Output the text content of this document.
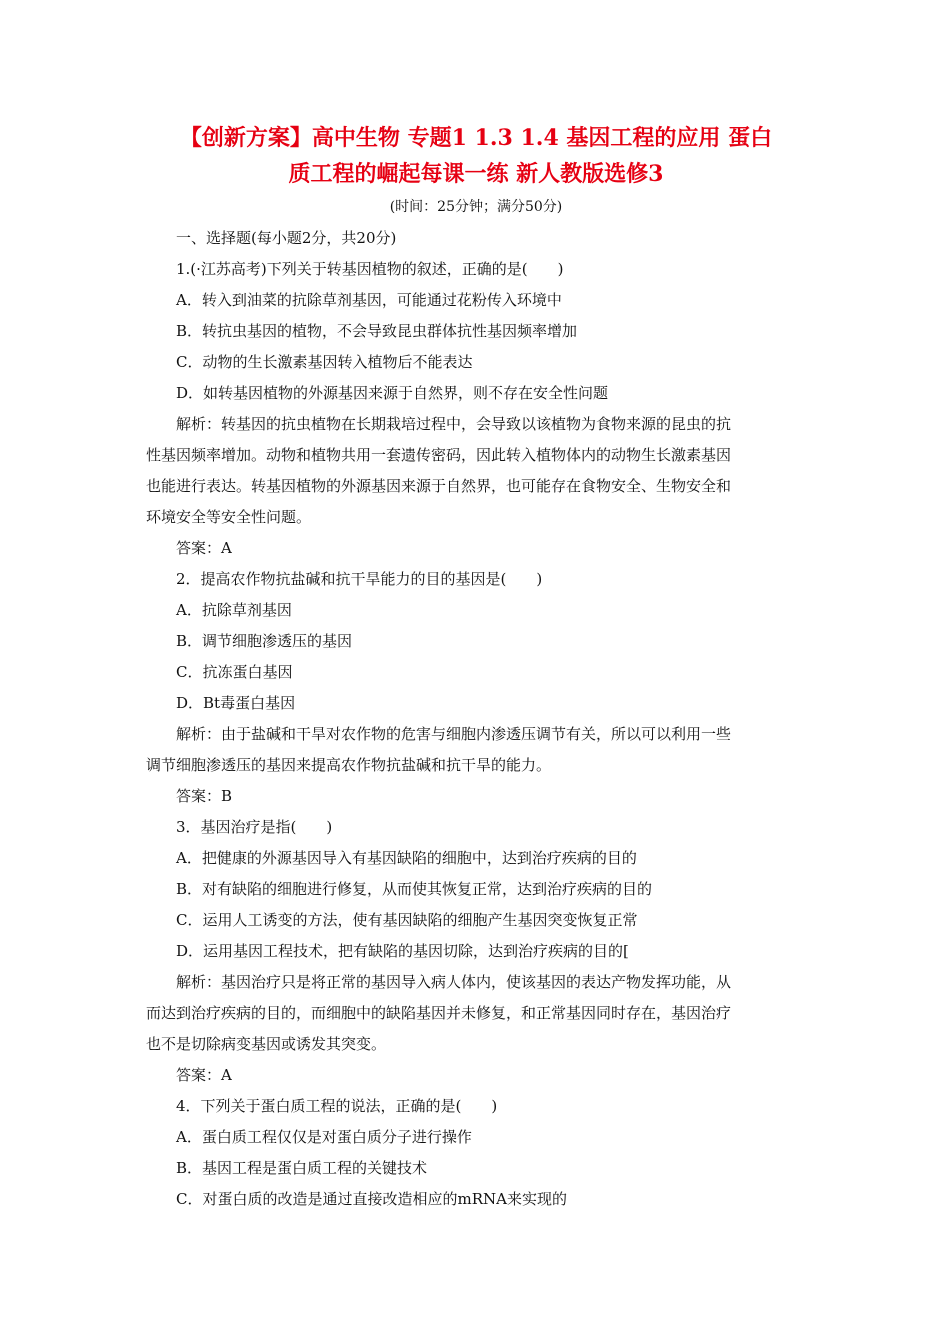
【创新方案】高中生物 专题1 1.3 1.4 基因工程的应用 蛋白
质工程的崛起每课一练 新人教版选修3
(时间：25分钟；满分50分)
一、选择题(每小题2分，共20分)
1.(·江苏高考)下列关于转基因植物的叙述，正确的是(　　)
A．转入到油菜的抗除草剂基因，可能通过花粉传入环境中
B．转抗虫基因的植物，不会导致昆虫群体抗性基因频率增加
C．动物的生长激素基因转入植物后不能表达
D．如转基因植物的外源基因来源于自然界，则不存在安全性问题
解析：转基因的抗虫植物在长期栽培过程中，会导致以该植物为食物来源的昆虫的抗
性基因频率增加。动物和植物共用一套遗传密码，因此转入植物体内的动物生长激素基因
也能进行表达。转基因植物的外源基因来源于自然界，也可能存在食物安全、生物安全和
环境安全等安全性问题。
答案：A
2．提高农作物抗盐碱和抗干旱能力的目的基因是(　　)
A．抗除草剂基因
B．调节细胞渗透压的基因
C．抗冻蛋白基因
D．Bt毒蛋白基因
解析：由于盐碱和干旱对农作物的危害与细胞内渗透压调节有关，所以可以利用一些
调节细胞渗透压的基因来提高农作物抗盐碱和抗干旱的能力。
答案：B
3．基因治疗是指(　　)
A．把健康的外源基因导入有基因缺陷的细胞中，达到治疗疾病的目的
B．对有缺陷的细胞进行修复，从而使其恢复正常，达到治疗疾病的目的
C．运用人工诱变的方法，使有基因缺陷的细胞产生基因突变恢复正常
D．运用基因工程技术，把有缺陷的基因切除，达到治疗疾病的目的[
解析：基因治疗只是将正常的基因导入病人体内，使该基因的表达产物发挥功能，从
而达到治疗疾病的目的，而细胞中的缺陷基因并未修复，和正常基因同时存在，基因治疗
也不是切除病变基因或诱发其突变。
答案：A
4．下列关于蛋白质工程的说法，正确的是(　　)
A．蛋白质工程仅仅是对蛋白质分子进行操作
B．基因工程是蛋白质工程的关键技术
C．对蛋白质的改造是通过直接改造相应的mRNA来实现的
